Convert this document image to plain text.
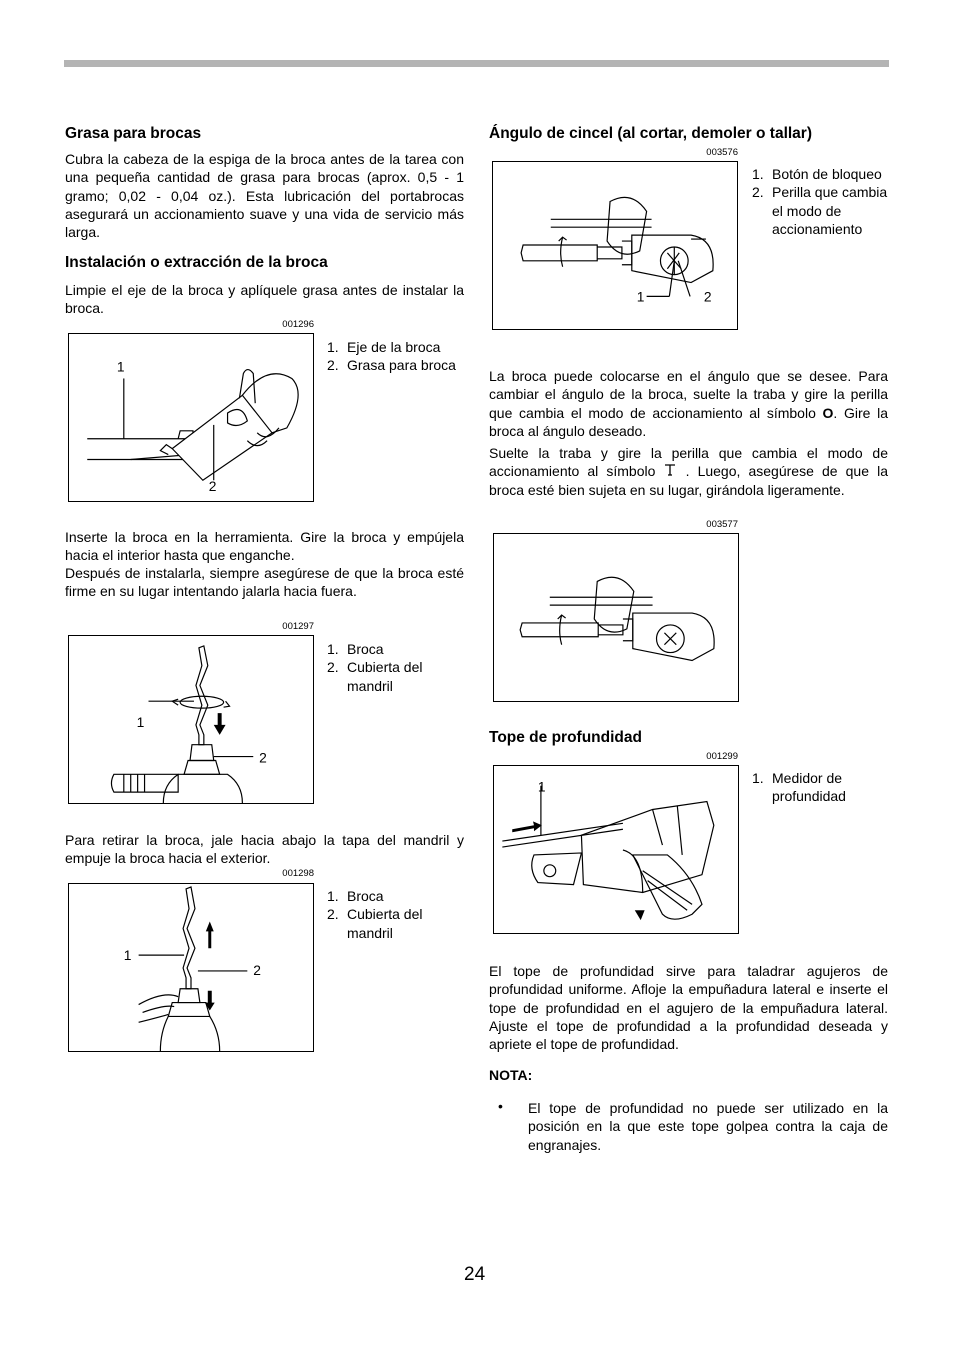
Grasa para brocas

Cubra la cabeza de la espiga de la broca antes de la tarea con una pequeña cantidad de grasa para brocas (aprox. 0,5 - 1 gramo; 0,02 - 0,04 oz.). Esta lubricación del portabrocas asegurará un accionamiento suave y una vida de servicio más larga.

Instalación o extracción de la broca

Limpie el eje de la broca y aplíquele grasa antes de instalar la broca.

001296
1
2
1. Eje de la broca
2. Grasa para broca

Inserte la broca en la herramienta. Gire la broca y empújela hacia el interior hasta que enganche.

Después de instalarla, siempre asegúrese de que la broca esté firme en su lugar intentando jalarla hacia fuera.

001297
1
2
1. Broca
2. Cubierta del mandril

Para retirar la broca, jale hacia abajo la tapa del mandril y empuje la broca hacia el exterior.

001298
1
2
1. Broca
2. Cubierta del mandril
Ángulo de cincel (al cortar, demoler o tallar)
003576
1	2
1. Botón de bloqueo
2. Perilla que cambia el modo de accionamiento

La broca puede colocarse en el ángulo que se desee. Para cambiar el ángulo de la broca, suelte la traba y gire la perilla que cambia el modo de accionamiento al símbolo O. Gire la broca al ángulo deseado.

Suelte la traba y gire la perilla que cambia el modo de accionamiento al símbolo  . Luego, asegúrese de que la broca esté bien sujeta en su lugar, girándola ligeramente.

003577
Tope de profundidad
001299
1
1. Medidor de profundidad

El tope de profundidad sirve para taladrar agujeros de profundidad uniforme. Afloje la empuñadura lateral e inserte el tope de profundidad en el agujero de la empuñadura lateral. Ajuste el tope de profundidad a la profundidad deseada y apriete el tope de profundidad.

NOTA:
• El tope de profundidad no puede ser utilizado en la posición en la que este tope golpea contra la caja de engranajes.

24
